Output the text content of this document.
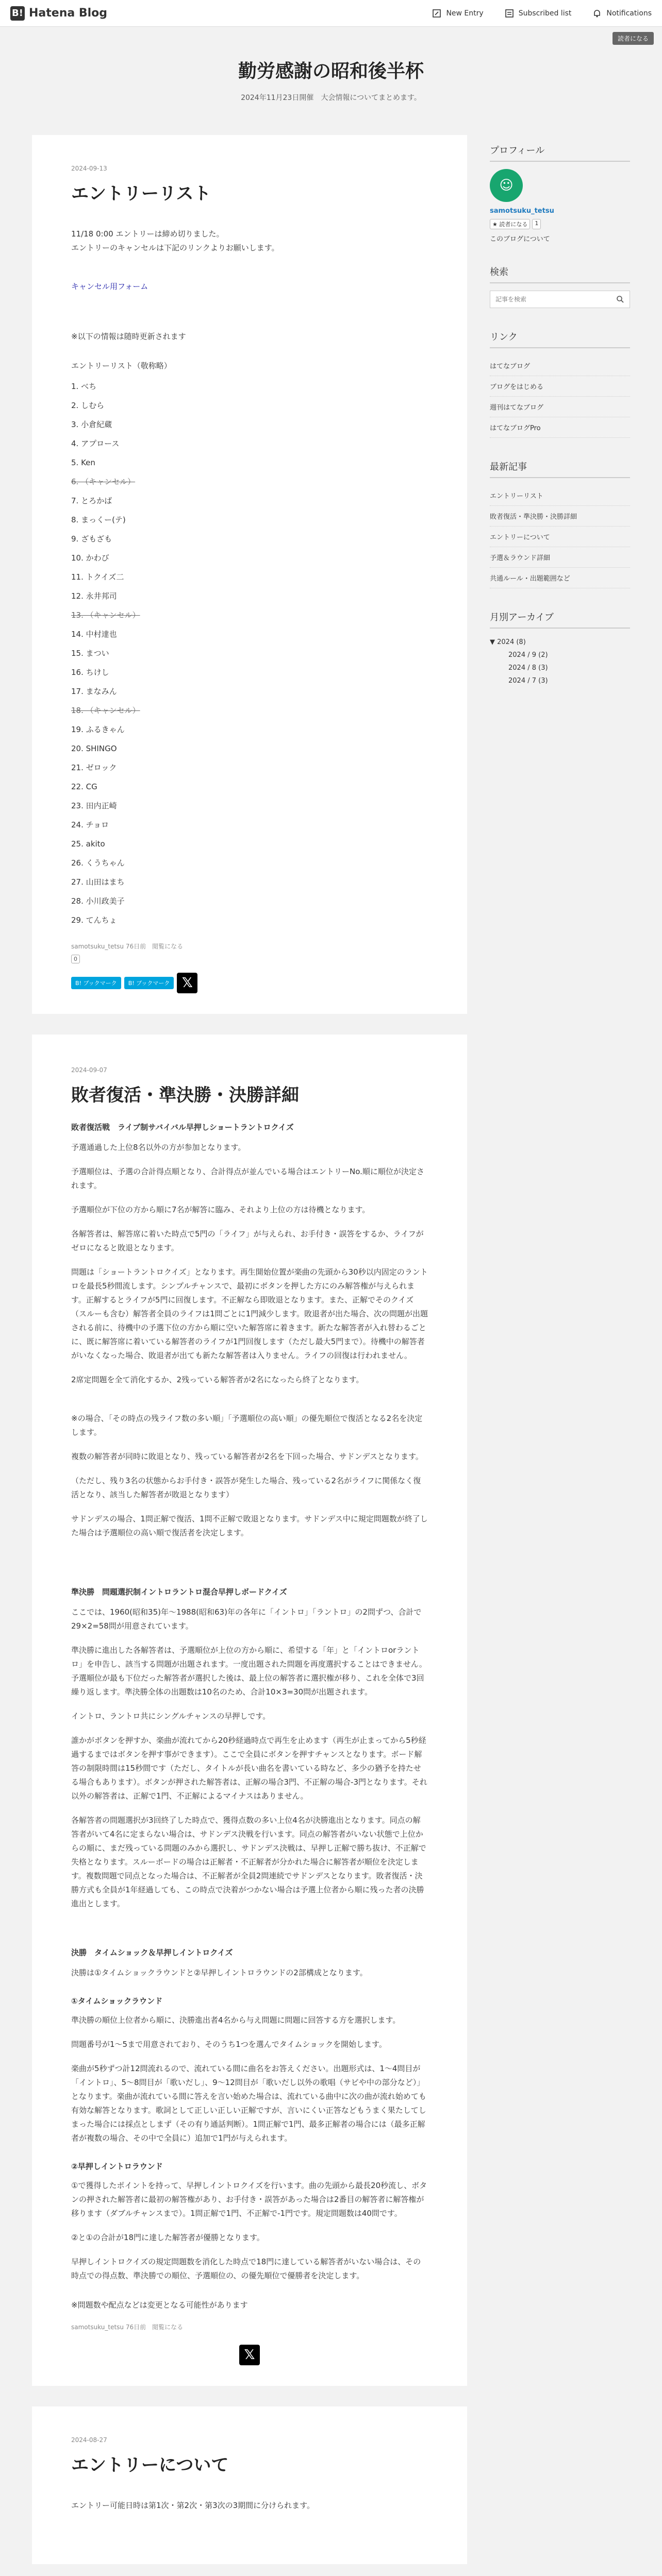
B! Hatena Blog	New Entry	Subscribed list	Notifications
読者になる
勤労感謝の昭和後半杯

2024年11月23日開催　大会情報についてまとめます。

2024-09-13
エントリーリスト

11/18 0:00 エントリーは締め切りました。

エントリーのキャンセルは下記のリンクよりお願いします。

キャンセル用フォーム

※以下の情報は随時更新されます

エントリーリスト（敬称略）

1. べち
2. しむら
3. 小倉紀蔵
4. アプロース
5. Ken
6. （キャンセル）
7. とろかば
8. まっくー(テ)
9. ざもざも
10. かわび
11. トクイズ二
12. 永井邦司
13. （キャンセル）
14. 中村達也
15. まつい
16. ちけし
17. まなみん
18. （キャンセル）
19. ふるきゃん
20. SHINGO
21. ゼロック
22. CG
23. 田内正崎
24. チョロ
25. akito
26. くうちゃん
27. 山田はまち
28. 小川政美子
29. てんちょ
samotsuku_tetsu 76日前　閲覧になる
0
B! ブックマーク	B! ブックマーク 𝕏
2024-09-07
敗者復活・準決勝・決勝詳細
敗者復活戦　ライブ制サバイバル早押しショートラントロクイズ

予選通過した上位8名以外の方が参加となります。

予選順位は、予選の合計得点順となり、合計得点が並んでいる場合はエントリーNo.順に順位が決定されます。

予選順位が下位の方から順に7名が解答に臨み、それより上位の方は待機となります。

各解答者は、解答席に着いた時点で5門の「ライフ」が与えられ、お手付き・誤答をするか、ライフがゼロになると敗退となります。

問題は「ショートラントロクイズ」となります。再生開始位置が楽曲の先頭から30秒以内固定のラントロを最長5秒間流します。シンプルチャンスで、最初にボタンを押した方にのみ解答権が与えられます。正解するとライフが5門に回復します。不正解なら即敗退となります。また、正解でそのクイズ（スルーも含む）解答者全員のライフは1問ごとに1門減少します。敗退者が出た場合、次の問題が出題される前に、待機中の予選下位の方から順に空いた解答席に着きます。新たな解答者が入れ替わるごとに、既に解答席に着いている解答者のライフが1門回復します（ただし最大5門まで）。待機中の解答者がいなくなった場合、敗退者が出ても新たな解答者は入りません。ライフの回復は行われません。

2席定問題を全て消化するか、2残っている解答者が2名になったら終了となります。

※の場合、「その時点の残ライフ数の多い順」「予選順位の高い順」の優先順位で復活となる2名を決定します。

複数の解答者が同時に敗退となり、残っている解答者が2名を下回った場合、サドンデスとなります。

（ただし、残り3名の状態からお手付き・誤答が発生した場合、残っている2名がライフに関係なく復活となり、該当した解答者が敗退となります）

サドンデスの場合、1問正解で復活、1問不正解で敗退となります。サドンデス中に規定問題数が終了した場合は予選順位の高い順で復活者を決定します。

準決勝　問題選択制イントロラントロ混合早押しボードクイズ

ここでは、1960(昭和35)年〜1988(昭和63)年の各年に「イントロ」「ラントロ」の2問ずつ、合計で29×2=58問が用意されています。

準決勝に進出した各解答者は、予選順位が上位の方から順に、希望する「年」と「イントロorラントロ」を申告し、該当する問題が出題されます。一度出題された問題を再度選択することはできません。予選順位が最も下位だった解答者が選択した後は、最上位の解答者に選択権が移り、これを全体で3回繰り返します。準決勝全体の出題数は10名のため、合計10×3=30問が出題されます。

イントロ、ラントロ共にシングルチャンスの早押しです。

誰かがボタンを押すか、楽曲が流れてから20秒経過時点で再生を止めます（再生が止まってから5秒経過するまではボタンを押す事ができます）。ここで全員にボタンを押すチャンスとなります。ボード解答の制限時間は15秒間です（ただし、タイトルが長い曲名を書いている時など、多少の猶予を持たせる場合もあります）。ボタンが押された解答者は、正解の場合3門、不正解の場合-3門となります。それ以外の解答者は、正解で1門、不正解によるマイナスはありません。

各解答者の問題選択が3回終了した時点で、獲得点数の多い上位4名が決勝進出となります。同点の解答者がいて4名に定まらない場合は、サドンデス決戦を行います。同点の解答者がいない状態で上位からの順に、まだ残っている問題のみから選択し、サドンデス決戦は、早押し正解で勝ち抜け、不正解で失格となります。スルーボードの場合は正解者・不正解者が分かれた場合に解答者が順位を決定します。複数問題で同点となった場合は、不正解者が全員2問連続でサドンデスとなります。敗者復活・決勝方式も全員が1年経過しても、この時点で決着がつかない場合は予選上位者から順に残った者の決勝進出とします。

決勝　タイムショック＆早押しイントロクイズ

決勝は①タイムショックラウンドと②早押しイントロラウンドの2部構成となります。

①タイムショックラウンド

準決勝の順位上位者から順に、決勝進出者4名から与え問題に問題に回答する方を選択します。

問題番号が1〜5まで用意されており、そのうち1つを選んでタイムショックを開始します。

楽曲が5秒ずつ計12問流れるので、流れている間に曲名をお答えください。出題形式は、1〜4問目が「イントロ」、5〜8問目が「歌いだし」、9〜12問目が「歌いだし以外の歌唱（サビや中の部分など）」となります。楽曲が流れている間に答えを言い始めた場合は、流れている曲中に次の曲が流れ始めても有効な解答となります。歌詞として正しい正しい正解ですが、言いにくい正答などもうまく果たしてしまった場合には採点としまず（その有り通話判断）。1問正解で1門、最多正解者の場合には（最多正解者が複数の場合、その中で全員に）追加で1門が与えられます。

②早押しイントロラウンド

①で獲得したポイントを持って、早押しイントロクイズを行います。曲の先頭から最長20秒流し、ボタンの押された解答者に最初の解答権があり、お手付き・誤答があった場合は2番目の解答者に解答権が移ります（ダブルチャンスまで）。1問正解で1門、不正解で-1門です。規定問題数は40問です。

②と①の合計が18門に達した解答者が優勝となります。

早押しイントロクイズの規定問題数を消化した時点で18門に達している解答者がいない場合は、その時点での得点数、準決勝での順位、予選順位の、の優先順位で優勝者を決定します。

※問題数や配点などは変更となる可能性があります

samotsuku_tetsu 76日前　閲覧になる
𝕏
2024-08-27
エントリーについて

エントリー可能日時は第1次・第2次・第3次の3期間に分けられます。

プロフィール
☺
samotsuku_tetsu
★ 読者になる	1
このブログについて
検索
記事を検索
リンク
はてなブログ
ブログをはじめる
週刊はてなブログ
はてなブログPro
最新記事
エントリーリスト
敗者復活・準決勝・決勝詳細
エントリーについて
予選＆ラウンド詳細
共通ルール・出題範囲など
月別アーカイブ
▼ 2024 (8)
2024 / 9 (2)
2024 / 8 (3)
2024 / 7 (3)
